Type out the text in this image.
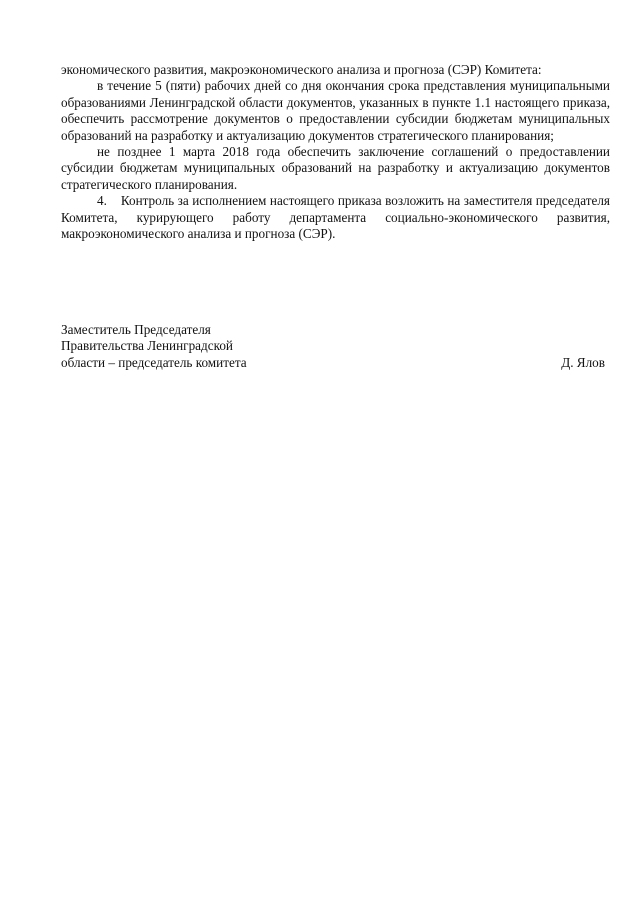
экономического развития, макроэкономического анализа и прогноза (СЭР) Комитета:

в течение 5 (пяти) рабочих дней со дня окончания срока представления муниципальными образованиями Ленинградской области документов, указанных в пункте 1.1 настоящего приказа, обеспечить рассмотрение документов о предоставлении субсидии бюджетам муниципальных образований на разработку и актуализацию документов стратегического планирования;

не позднее 1 марта 2018 года обеспечить заключение соглашений о предоставлении субсидии бюджетам муниципальных образований на разработку и актуализацию документов стратегического планирования.

4.    Контроль за исполнением настоящего приказа возложить на заместителя председателя Комитета, курирующего работу департамента социально-экономического развития, макроэкономического анализа и прогноза (СЭР).

Заместитель Председателя
Правительства Ленинградской
области – председатель комитета	Д. Ялов
